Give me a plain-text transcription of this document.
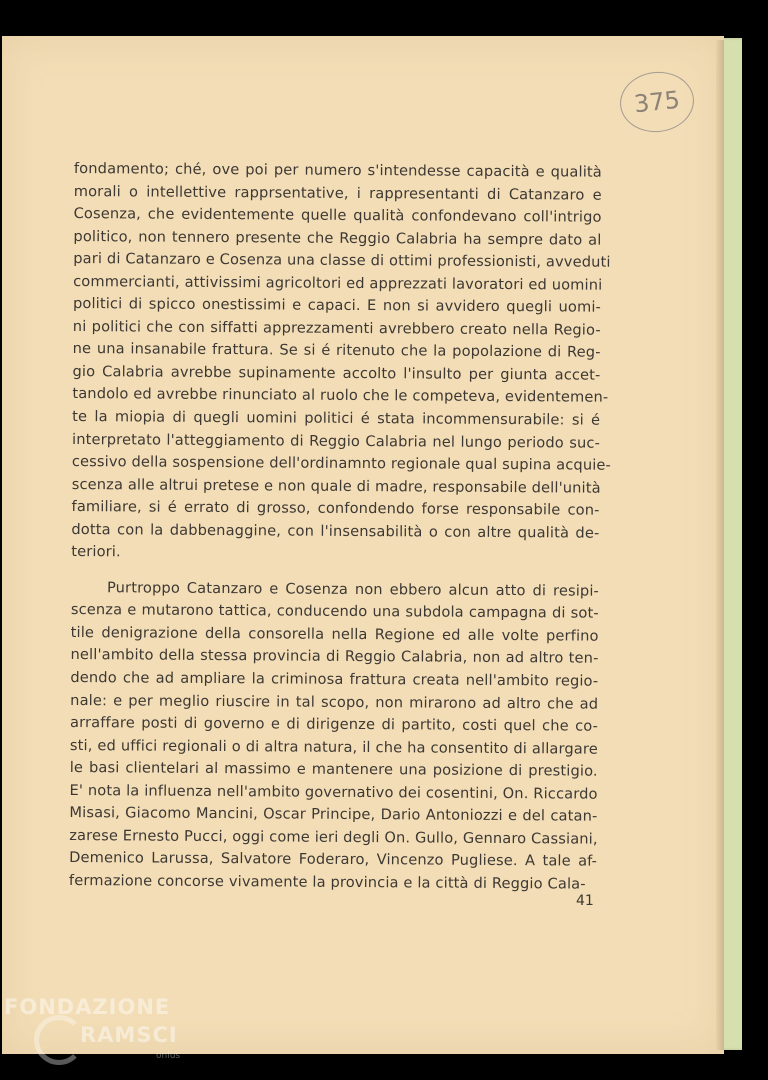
375
fondamento; ché, ove poi per numero s'intendesse capacità e qualità
morali o intellettive rapprsentative, i rappresentanti di Catanzaro e
Cosenza, che evidentemente quelle qualità confondevano coll'intrigo
politico, non tennero presente che Reggio Calabria ha sempre dato al
pari di Catanzaro e Cosenza una classe di ottimi professionisti, avveduti
commercianti, attivissimi agricoltori ed apprezzati lavoratori ed uomini
politici di spicco onestissimi e capaci. E non si avvidero quegli uomi-
ni politici che con siffatti apprezzamenti avrebbero creato nella Regio-
ne una insanabile frattura. Se si é ritenuto che la popolazione di Reg-
gio Calabria avrebbe supinamente accolto l'insulto per giunta accet-
tandolo ed avrebbe rinunciato al ruolo che le competeva, evidentemen-
te la miopia di quegli uomini politici é stata incommensurabile: si é
interpretato l'atteggiamento di Reggio Calabria nel lungo periodo suc-
cessivo della sospensione dell'ordinamnto regionale qual supina acquie-
scenza alle altrui pretese e non quale di madre, responsabile dell'unità
familiare, si é errato di grosso, confondendo forse responsabile con-
dotta con la dabbenaggine, con l'insensabilità o con altre qualità de-
teriori.
Purtroppo Catanzaro e Cosenza non ebbero alcun atto di resipi-
scenza e mutarono tattica, conducendo una subdola campagna di sot-
tile denigrazione della consorella nella Regione ed alle volte perfino
nell'ambito della stessa provincia di Reggio Calabria, non ad altro ten-
dendo che ad ampliare la criminosa frattura creata nell'ambito regio-
nale: e per meglio riuscire in tal scopo, non mirarono ad altro che ad
arraffare posti di governo e di dirigenze di partito, costi quel che co-
sti, ed uffici regionali o di altra natura, il che ha consentito di allargare
le basi clientelari al massimo e mantenere una posizione di prestigio.
E' nota la influenza nell'ambito governativo dei cosentini, On. Riccardo
Misasi, Giacomo Mancini, Oscar Principe, Dario Antoniozzi e del catan-
zarese Ernesto Pucci, oggi come ieri degli On. Gullo, Gennaro Cassiani,
Demenico Larussa, Salvatore Foderaro, Vincenzo Pugliese. A tale af-
fermazione concorse vivamente la provincia e la città di Reggio Cala-
41
FONDAZIONE
RAMSCI
onlus
